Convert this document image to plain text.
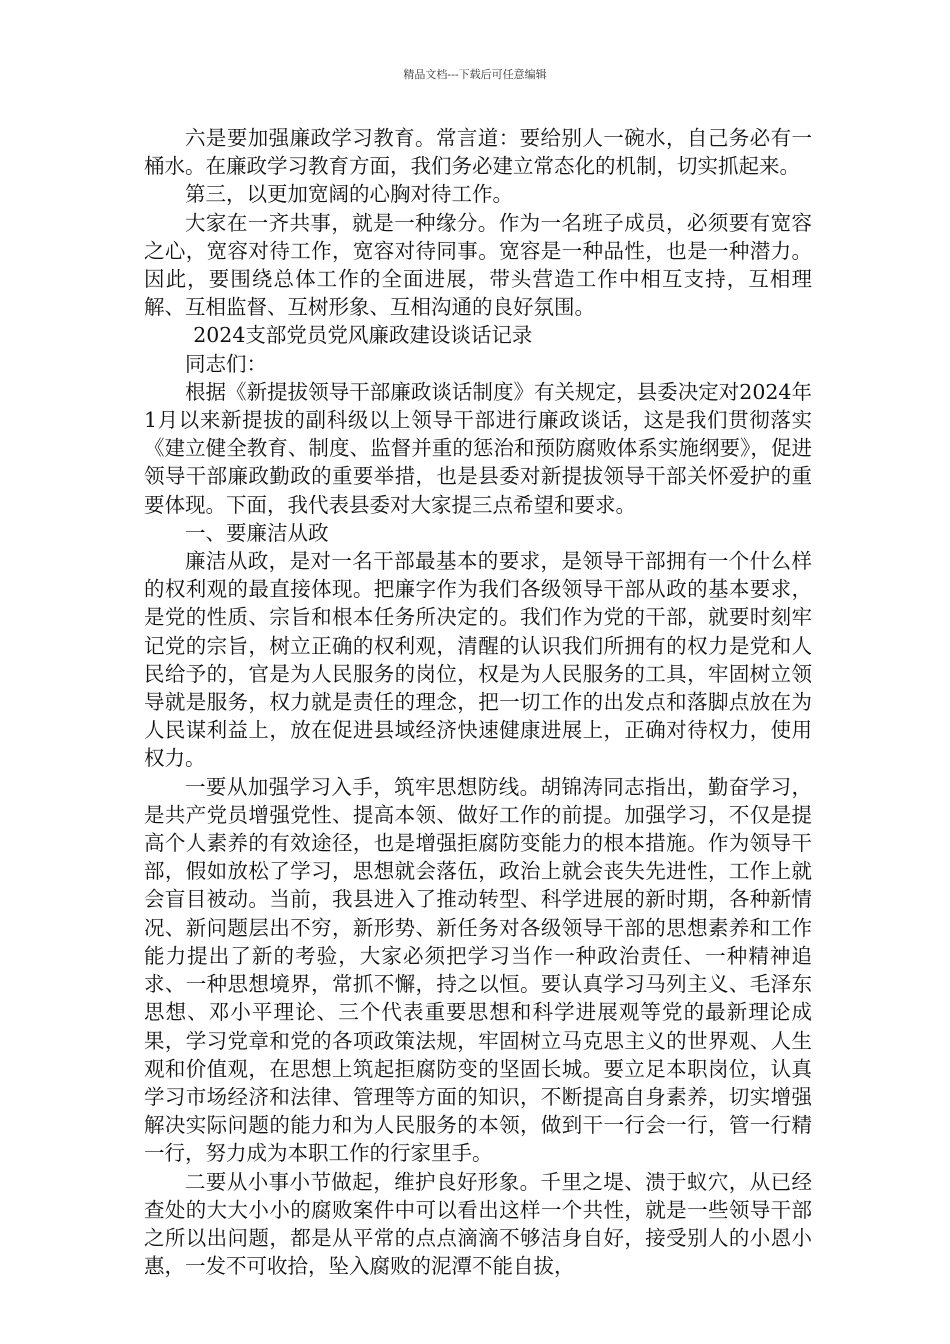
精品文档---下载后可任意编辑

六是要加强廉政学习教育。常言道：要给别人一碗水，自己务必有一桶水。在廉政学习教育方面，我们务必建立常态化的机制，切实抓起来。

第三，以更加宽阔的心胸对待工作。

大家在一齐共事，就是一种缘分。作为一名班子成员，必须要有宽容之心，宽容对待工作，宽容对待同事。宽容是一种品性，也是一种潜力。因此，要围绕总体工作的全面进展，带头营造工作中相互支持，互相理解、互相监督、互树形象、互相沟通的良好氛围。

2024支部党员党风廉政建设谈话记录

同志们：

根据《新提拔领导干部廉政谈话制度》有关规定，县委决定对2024年1月以来新提拔的副科级以上领导干部进行廉政谈话，这是我们贯彻落实《建立健全教育、制度、监督并重的惩治和预防腐败体系实施纲要》，促进领导干部廉政勤政的重要举措，也是县委对新提拔领导干部关怀爱护的重要体现。下面，我代表县委对大家提三点希望和要求。

一、要廉洁从政

廉洁从政，是对一名干部最基本的要求，是领导干部拥有一个什么样的权利观的最直接体现。把廉字作为我们各级领导干部从政的基本要求，是党的性质、宗旨和根本任务所决定的。我们作为党的干部，就要时刻牢记党的宗旨，树立正确的权利观，清醒的认识我们所拥有的权力是党和人民给予的，官是为人民服务的岗位，权是为人民服务的工具，牢固树立领导就是服务，权力就是责任的理念，把一切工作的出发点和落脚点放在为人民谋利益上，放在促进县域经济快速健康进展上，正确对待权力，使用权力。

一要从加强学习入手，筑牢思想防线。胡锦涛同志指出，勤奋学习，是共产党员增强党性、提高本领、做好工作的前提。加强学习，不仅是提高个人素养的有效途径，也是增强拒腐防变能力的根本措施。作为领导干部，假如放松了学习，思想就会落伍，政治上就会丧失先进性，工作上就会盲目被动。当前，我县进入了推动转型、科学进展的新时期，各种新情况、新问题层出不穷，新形势、新任务对各级领导干部的思想素养和工作能力提出了新的考验，大家必须把学习当作一种政治责任、一种精神追求、一种思想境界，常抓不懈，持之以恒。要认真学习马列主义、毛泽东思想、邓小平理论、三个代表重要思想和科学进展观等党的最新理论成果，学习党章和党的各项政策法规，牢固树立马克思主义的世界观、人生观和价值观，在思想上筑起拒腐防变的坚固长城。要立足本职岗位，认真学习市场经济和法律、管理等方面的知识，不断提高自身素养，切实增强解决实际问题的能力和为人民服务的本领，做到干一行会一行，管一行精一行，努力成为本职工作的行家里手。

二要从小事小节做起，维护良好形象。千里之堤、溃于蚁穴，从已经查处的大大小小的腐败案件中可以看出这样一个共性，就是一些领导干部之所以出问题，都是从平常的点点滴滴不够洁身自好，接受别人的小恩小惠，一发不可收拾，坠入腐败的泥潭不能自拔，
